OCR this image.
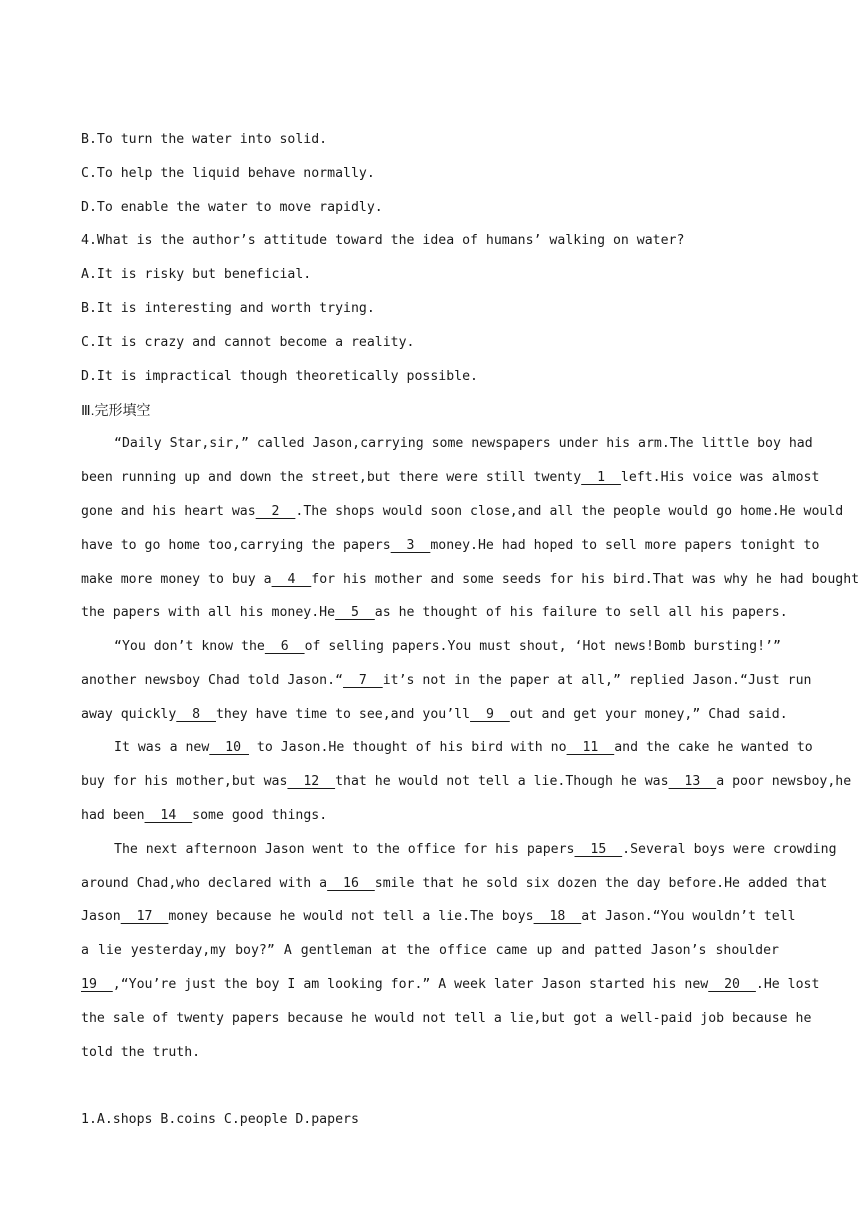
B.To turn the water into solid.
C.To help the liquid behave normally.
D.To enable the water to move rapidly.
4.What is the author’s attitude toward the idea of humans’ walking on water?
A.It is risky but beneficial.
B.It is interesting and worth trying.
C.It is crazy and cannot become a reality.
D.It is impractical though theoretically possible.
Ⅲ.完形填空
“Daily Star,sir,” called Jason,carrying some newspapers under his arm.The little boy had
been running up and down the street,but there were still twenty  1  left.His voice was almost
gone and his heart was  2  .The shops would soon close,and all the people would go home.He would
have to go home too,carrying the papers  3  money.He had hoped to sell more papers tonight to
make more money to buy a  4  for his mother and some seeds for his bird.That was why he had bought
the papers with all his money.He  5  as he thought of his failure to sell all his papers.
“You don’t know the  6  of selling papers.You must shout, ‘Hot news!Bomb bursting!’”
another newsboy Chad told Jason.“  7  it’s not in the paper at all,” replied Jason.“Just run
away quickly  8  they have time to see,and you’ll  9  out and get your money,” Chad said.
It was a new  10  to Jason.He thought of his bird with no  11  and the cake he wanted to
buy for his mother,but was  12  that he would not tell a lie.Though he was  13  a poor newsboy,he
had been  14  some good things.
The next afternoon Jason went to the office for his papers  15  .Several boys were crowding
around Chad,who declared with a  16  smile that he sold six dozen the day before.He added that
Jason  17  money because he would not tell a lie.The boys  18  at Jason.“You wouldn’t tell
a lie yesterday,my boy?” A gentleman at the office came up and patted Jason’s shoulder
19  ,“You’re just the boy I am looking for.” A week later Jason started his new  20  .He lost
the sale of twenty papers because he would not tell a lie,but got a well-paid job because he
told the truth.
1.A.shops B.coins C.people D.papers
